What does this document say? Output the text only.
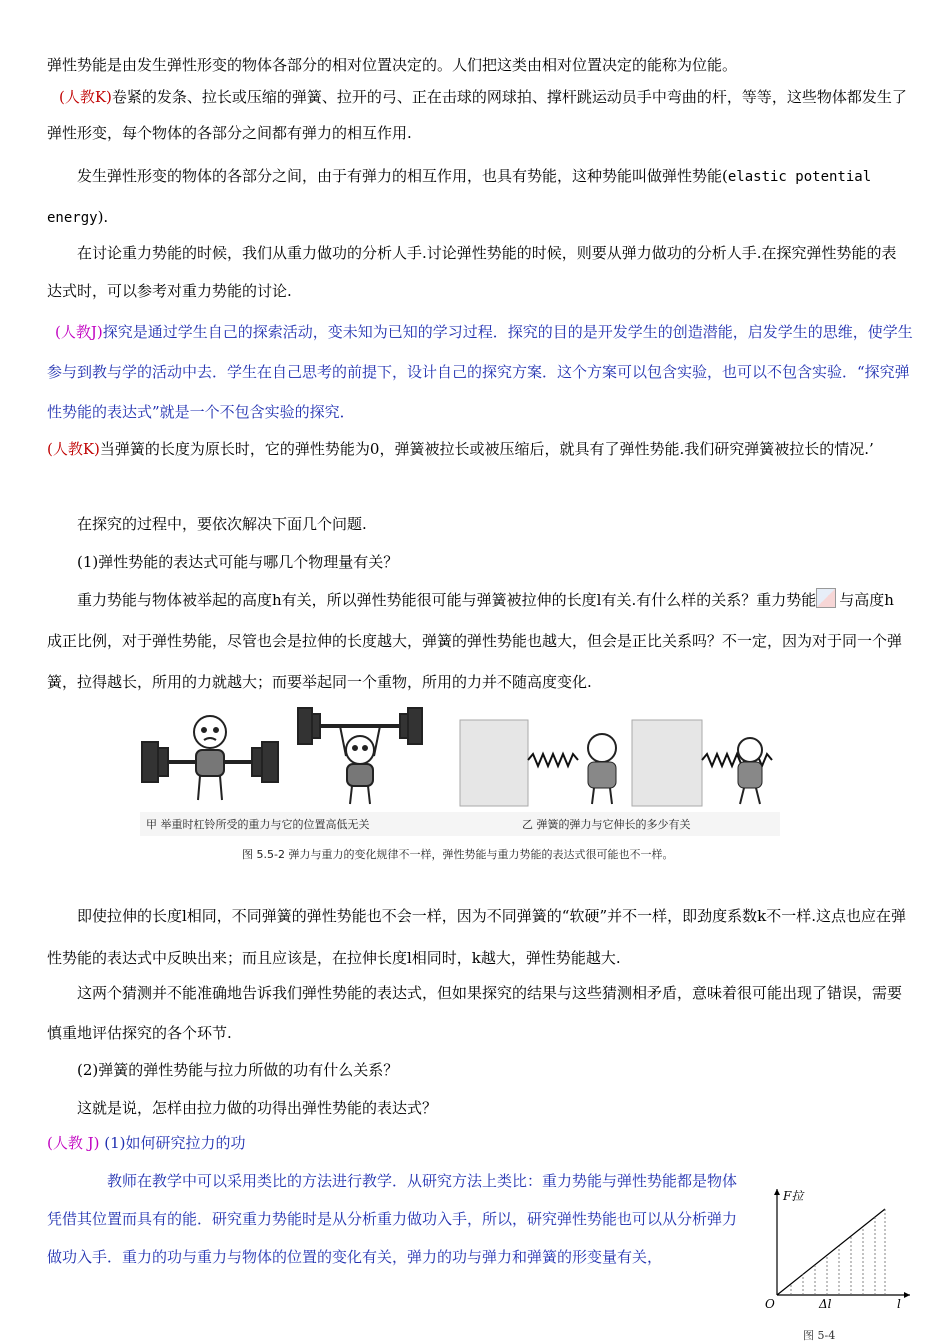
弹性势能是由发生弹性形变的物体各部分的相对位置决定的。人们把这类由相对位置决定的能称为位能。

(人教K)卷紧的发条、拉长或压缩的弹簧、拉开的弓、正在击球的网球拍、撑杆跳运动员手中弯曲的杆，等等，这些物体都发生了弹性形变，每个物体的各部分之间都有弹力的相互作用.

发生弹性形变的物体的各部分之间，由于有弹力的相互作用，也具有势能，这种势能叫做弹性势能(elastic potential energy).

在讨论重力势能的时候，我们从重力做功的分析人手.讨论弹性势能的时候，则要从弹力做功的分析人手.在探究弹性势能的表达式时，可以参考对重力势能的讨论.

(人教J)探究是通过学生自己的探索活动，变未知为已知的学习过程．探究的目的是开发学生的创造潜能，启发学生的思维，使学生参与到教与学的活动中去．学生在自己思考的前提下，设计自己的探究方案．这个方案可以包含实验，也可以不包含实验．“探究弹性势能的表达式”就是一个不包含实验的探究．

(人教K)当弹簧的长度为原长时，它的弹性势能为0，弹簧被拉长或被压缩后，就具有了弹性势能.我们研究弹簧被拉长的情况.’

在探究的过程中，要依次解决下面几个问题.

(1)弹性势能的表达式可能与哪几个物理量有关？

重力势能与物体被举起的高度h有关，所以弹性势能很可能与弹簧被拉伸的长度l有关.有什么样的关系？重力势能 与高度h成正比例，对于弹性势能，尽管也会是拉伸的长度越大，弹簧的弹性势能也越大，但会是正比关系吗？不一定，因为对于同一个弹簧，拉得越长，所用的力就越大；而要举起同一个重物，所用的力并不随高度变化.

甲 举重时杠铃所受的重力与它的位置高低无关	乙 弹簧的弹力与它伸长的多少有关
图 5.5-2 弹力与重力的变化规律不一样，弹性势能与重力势能的表达式很可能也不一样。

即使拉伸的长度l相同，不同弹簧的弹性势能也不会一样，因为不同弹簧的“软硬”并不一样，即劲度系数k不一样.这点也应在弹性势能的表达式中反映出来；而且应该是，在拉伸长度l相同时，k越大，弹性势能越大.

这两个猜测并不能准确地告诉我们弹性势能的表达式，但如果探究的结果与这些猜测相矛盾，意味着很可能出现了错误，需要慎重地评估探究的各个环节.

(2)弹簧的弹性势能与拉力所做的功有什么关系？

这就是说，怎样由拉力做的功得出弹性势能的表达式？

(人教 J) (1)如何研究拉力的功

教师在教学中可以采用类比的方法进行教学．从研究方法上类比：重力势能与弹性势能都是物体凭借其位置而具有的能．研究重力势能时是从分析重力做功入手，所以，研究弹性势能也可以从分析弹力做功入手．重力的功与重力与物体的位置的变化有关，弹力的功与弹力和弹簧的形变量有关，

F拉
O	Δl	l
图 5-4
